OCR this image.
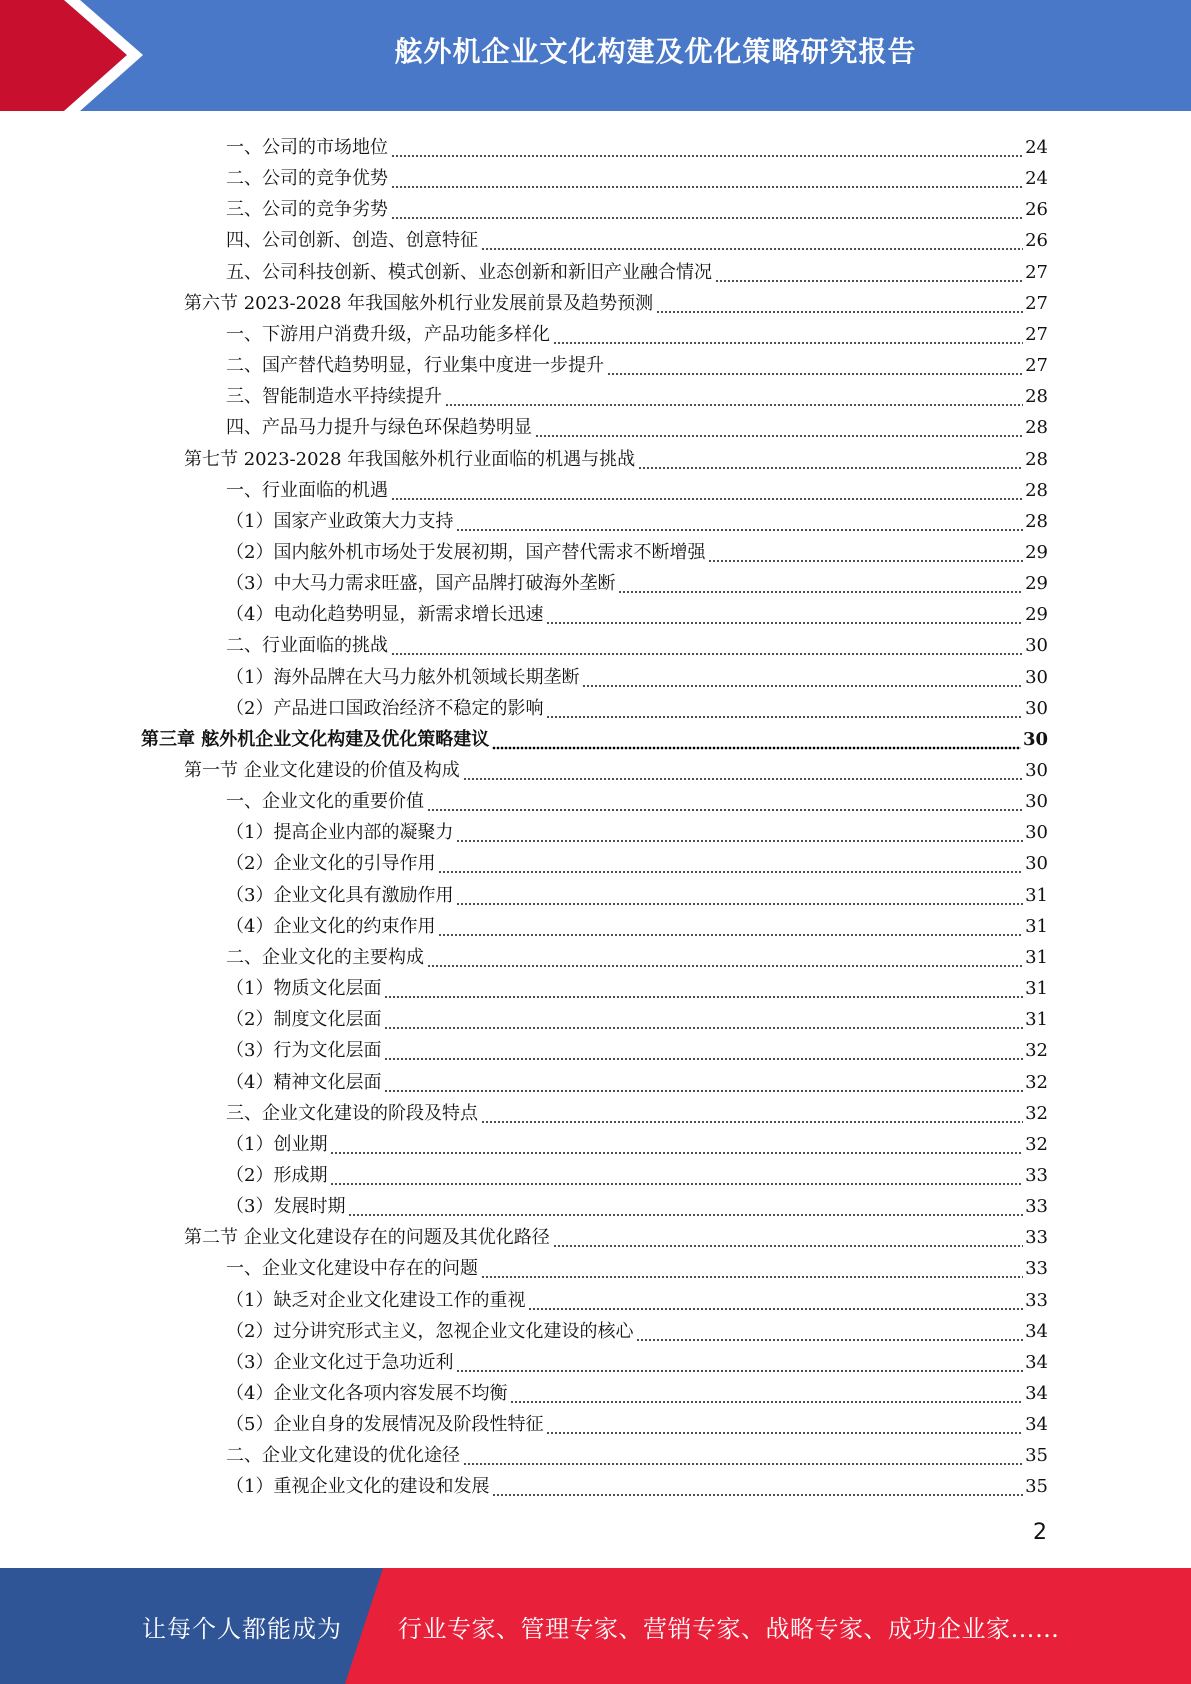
舷外机企业文化构建及优化策略研究报告
一、公司的市场地位	24
二、公司的竞争优势	24
三、公司的竞争劣势	26
四、公司创新、创造、创意特征	26
五、公司科技创新、模式创新、业态创新和新旧产业融合情况	27
第六节 2023-2028 年我国舷外机行业发展前景及趋势预测	27
一、下游用户消费升级，产品功能多样化	27
二、国产替代趋势明显，行业集中度进一步提升	27
三、智能制造水平持续提升	28
四、产品马力提升与绿色环保趋势明显	28
第七节 2023-2028 年我国舷外机行业面临的机遇与挑战	28
一、行业面临的机遇	28
（1）国家产业政策大力支持	28
（2）国内舷外机市场处于发展初期，国产替代需求不断增强	29
（3）中大马力需求旺盛，国产品牌打破海外垄断	29
（4）电动化趋势明显，新需求增长迅速	29
二、行业面临的挑战	30
（1）海外品牌在大马力舷外机领域长期垄断	30
（2）产品进口国政治经济不稳定的影响	30
第三章 舷外机企业文化构建及优化策略建议	30
第一节 企业文化建设的价值及构成	30
一、企业文化的重要价值	30
（1）提高企业内部的凝聚力	30
（2）企业文化的引导作用	30
（3）企业文化具有激励作用	31
（4）企业文化的约束作用	31
二、企业文化的主要构成	31
（1）物质文化层面	31
（2）制度文化层面	31
（3）行为文化层面	32
（4）精神文化层面	32
三、企业文化建设的阶段及特点	32
（1）创业期	32
（2）形成期	33
（3）发展时期	33
第二节 企业文化建设存在的问题及其优化路径	33
一、企业文化建设中存在的问题	33
（1）缺乏对企业文化建设工作的重视	33
（2）过分讲究形式主义，忽视企业文化建设的核心	34
（3）企业文化过于急功近利	34
（4）企业文化各项内容发展不均衡	34
（5）企业自身的发展情况及阶段性特征	34
二、企业文化建设的优化途径	35
（1）重视企业文化的建设和发展	35
2
让每个人都能成为 行业专家、管理专家、营销专家、战略专家、成功企业家……
